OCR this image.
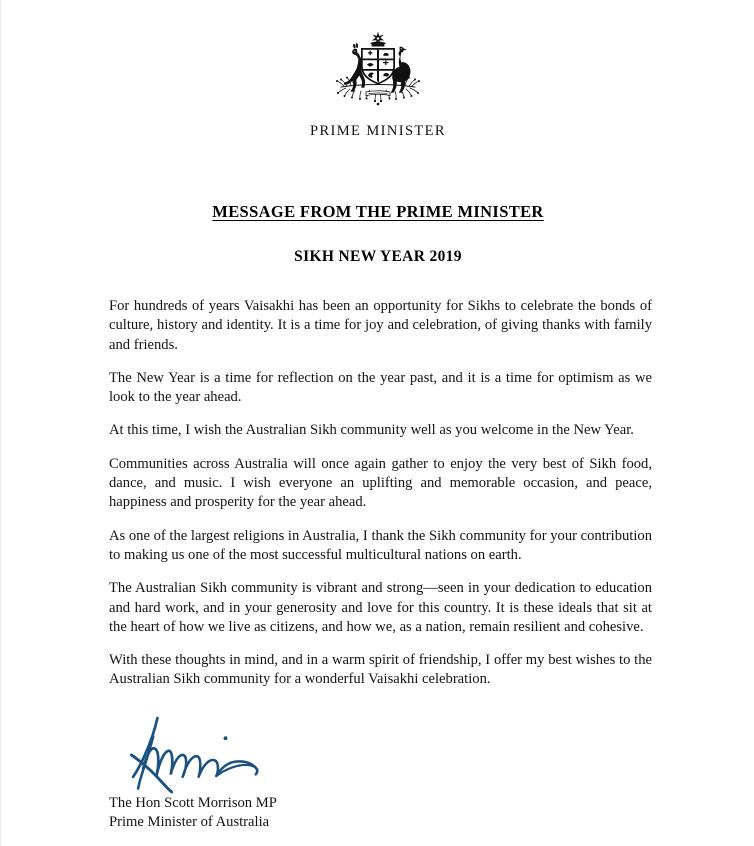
PRIME MINISTER
MESSAGE FROM THE PRIME MINISTER
SIKH NEW YEAR 2019

For hundreds of years Vaisakhi has been an opportunity for Sikhs to celebrate the bonds of culture, history and identity. It is a time for joy and celebration, of giving thanks with family and friends.

The New Year is a time for reflection on the year past, and it is a time for optimism as we look to the year ahead.

At this time, I wish the Australian Sikh community well as you welcome in the New Year.

Communities across Australia will once again gather to enjoy the very best of Sikh food, dance, and music. I wish everyone an uplifting and memorable occasion, and peace, happiness and prosperity for the year ahead.

As one of the largest religions in Australia, I thank the Sikh community for your contribution to making us one of the most successful multicultural nations on earth.

The Australian Sikh community is vibrant and strong—seen in your dedication to education and hard work, and in your generosity and love for this country. It is these ideals that sit at the heart of how we live as citizens, and how we, as a nation, remain resilient and cohesive.

With these thoughts in mind, and in a warm spirit of friendship, I offer my best wishes to the Australian Sikh community for a wonderful Vaisakhi celebration.

The Hon Scott Morrison MP
Prime Minister of Australia
